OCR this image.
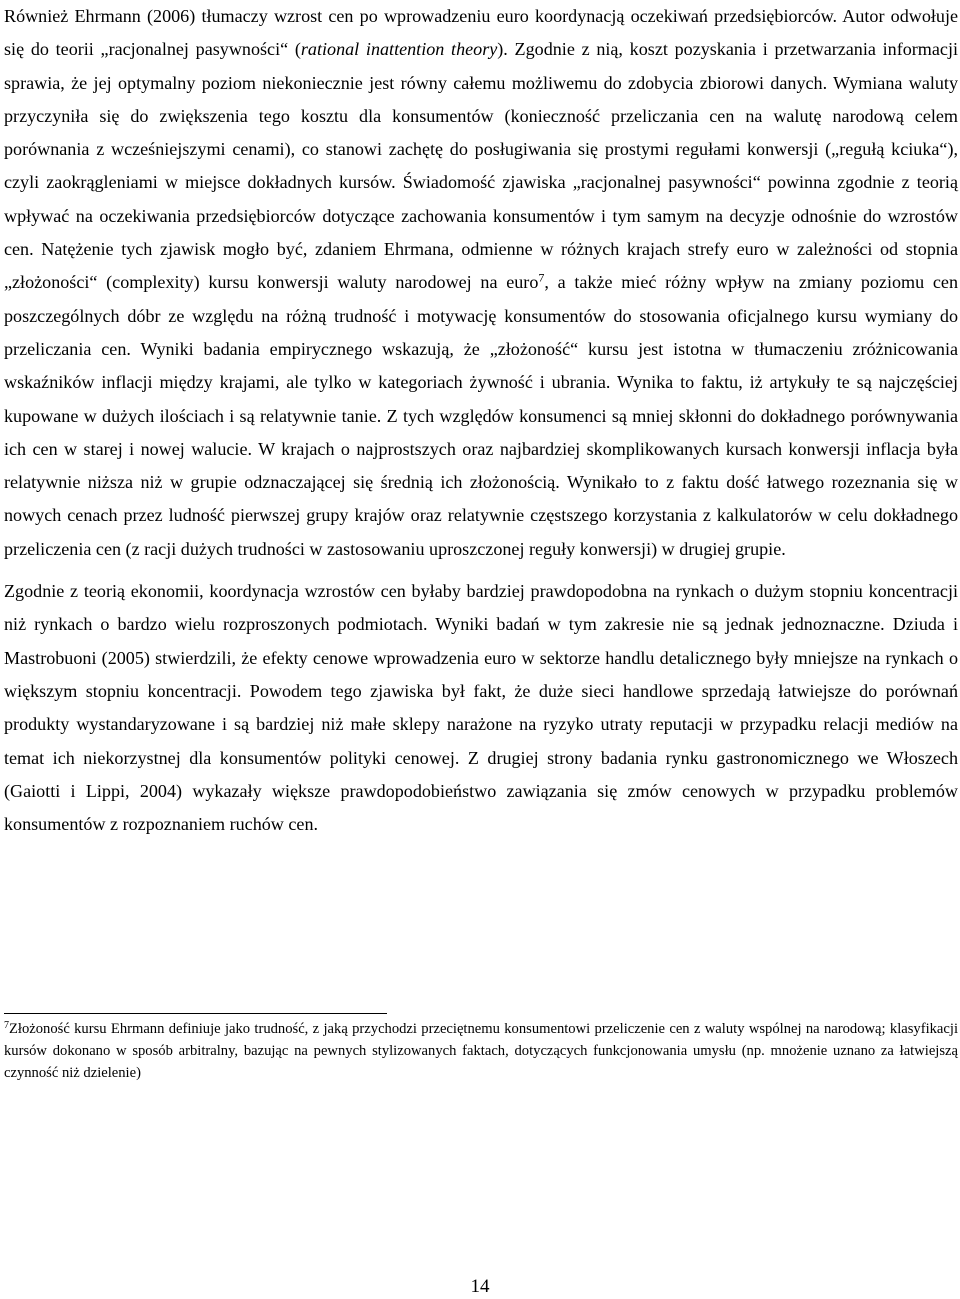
Również Ehrmann (2006) tłumaczy wzrost cen po wprowadzeniu euro koordynacją oczekiwań przedsiębiorców. Autor odwołuje się do teorii „racjonalnej pasywności“ (rational inattention theory). Zgodnie z nią, koszt pozyskania i przetwarzania informacji sprawia, że jej optymalny poziom niekoniecznie jest równy całemu możliwemu do zdobycia zbiorowi danych. Wymiana waluty przyczyniła się do zwiększenia tego kosztu dla konsumentów (konieczność przeliczania cen na walutę narodową celem porównania z wcześniejszymi cenami), co stanowi zachętę do posługiwania się prostymi regułami konwersji („regułą kciuka“), czyli zaokrągleniami w miejsce dokładnych kursów. Świadomość zjawiska „racjonalnej pasywności“ powinna zgodnie z teorią wpływać na oczekiwania przedsiębiorców dotyczące zachowania konsumentów i tym samym na decyzje odnośnie do wzrostów cen. Natężenie tych zjawisk mogło być, zdaniem Ehrmana, odmienne w różnych krajach strefy euro w zależności od stopnia „złożoności“ (complexity) kursu konwersji waluty narodowej na euro$^7$, a także mieć różny wpływ na zmiany poziomu cen poszczególnych dóbr ze względu na różną trudność i motywację konsumentów do stosowania oficjalnego kursu wymiany do przeliczania cen. Wyniki badania empirycznego wskazują, że „złożoność“ kursu jest istotna w tłumaczeniu zróżnicowania wskaźników inflacji między krajami, ale tylko w kategoriach żywność i ubrania. Wynika to faktu, iż artykuły te są najczęściej kupowane w dużych ilościach i są relatywnie tanie. Z tych względów konsumenci są mniej skłonni do dokładnego porównywania ich cen w starej i nowej walucie. W krajach o najprostszych oraz najbardziej skomplikowanych kursach konwersji inflacja była relatywnie niższa niż w grupie odznaczającej się średnią ich złożonością. Wynikało to z faktu dość łatwego rozeznania się w nowych cenach przez ludność pierwszej grupy krajów oraz relatywnie częstszego korzystania z kalkulatorów w celu dokładnego przeliczenia cen (z racji dużych trudności w zastosowaniu uproszczonej reguły konwersji) w drugiej grupie.

Zgodnie z teorią ekonomii, koordynacja wzrostów cen byłaby bardziej prawdopodobna na rynkach o dużym stopniu koncentracji niż rynkach o bardzo wielu rozproszonych podmiotach. Wyniki badań w tym zakresie nie są jednak jednoznaczne. Dziuda i Mastrobuoni (2005) stwierdzili, że efekty cenowe wprowadzenia euro w sektorze handlu detalicznego były mniejsze na rynkach o większym stopniu koncentracji. Powodem tego zjawiska był fakt, że duże sieci handlowe sprzedają łatwiejsze do porównań produkty wystandaryzowane i są bardziej niż małe sklepy narażone na ryzyko utraty reputacji w przypadku relacji mediów na temat ich niekorzystnej dla konsumentów polityki cenowej. Z drugiej strony badania rynku gastronomicznego we Włoszech (Gaiotti i Lippi, 2004) wykazały większe prawdopodobieństwo zawiązania się zmów cenowych w przypadku problemów konsumentów z rozpoznaniem ruchów cen.

$^7$Złożoność kursu Ehrmann definiuje jako trudność, z jaką przychodzi przeciętnemu konsumentowi przeliczenie cen z waluty wspólnej na narodową; klasyfikacji kursów dokonano w sposób arbitralny, bazując na pewnych stylizowanych faktach, dotyczących funkcjonowania umysłu (np. mnożenie uznano za łatwiejszą czynność niż dzielenie)

14
